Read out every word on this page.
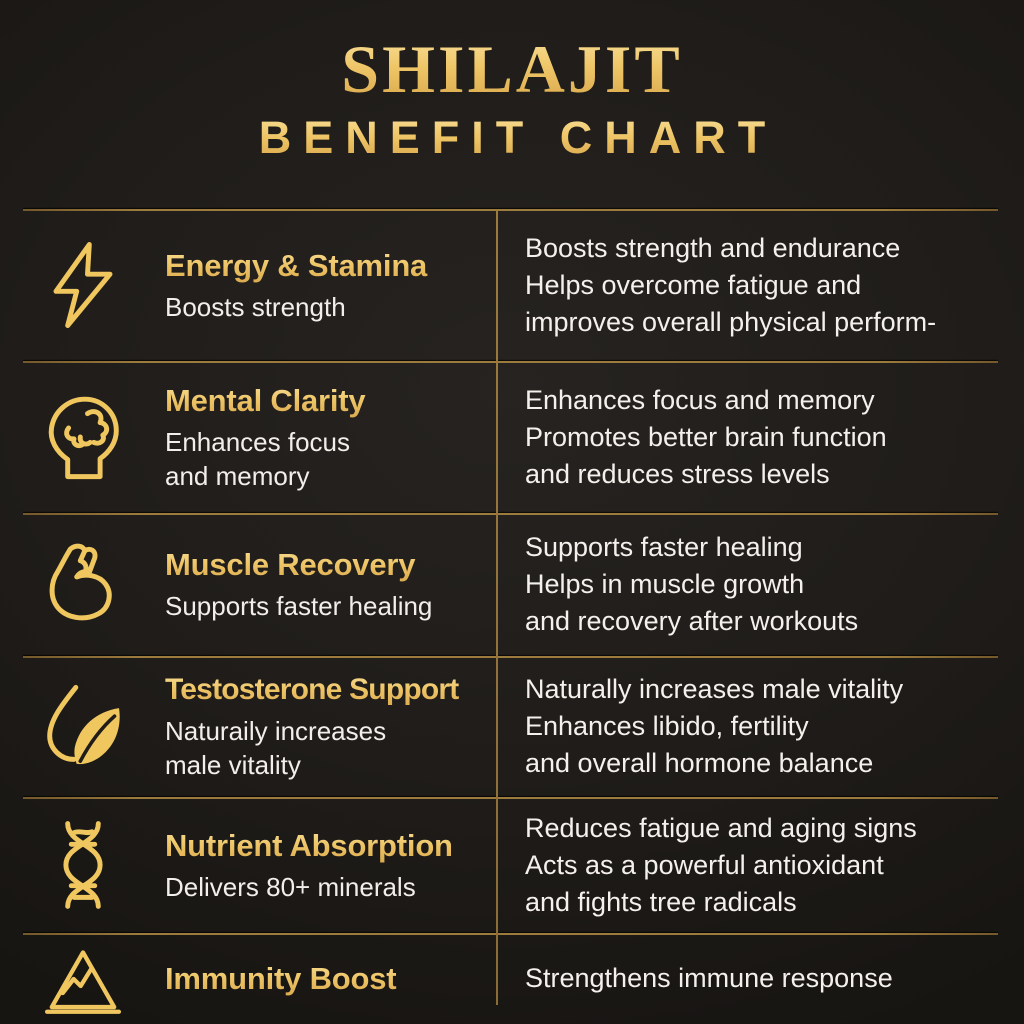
SHILAJIT
BENEFIT CHART
Energy & Stamina
Boosts strength
Boosts strength and endurance
Helps overcome fatigue and
improves overall physical perform-
Mental Clarity
Enhances focus
and memory
Enhances focus and memory
Promotes better brain function
and reduces stress levels
Muscle Recovery
Supports faster healing
Supports faster healing
Helps in muscle growth
and recovery after workouts
Testosterone Support
Naturaily increases
male vitality
Naturally increases male vitality
Enhances libido, fertility
and overall hormone balance
Nutrient Absorption
Delivers 80+ minerals
Reduces fatigue and aging signs
Acts as a powerful antioxidant
and fights tree radicals
Immunity Boost	Strengthens immune response
